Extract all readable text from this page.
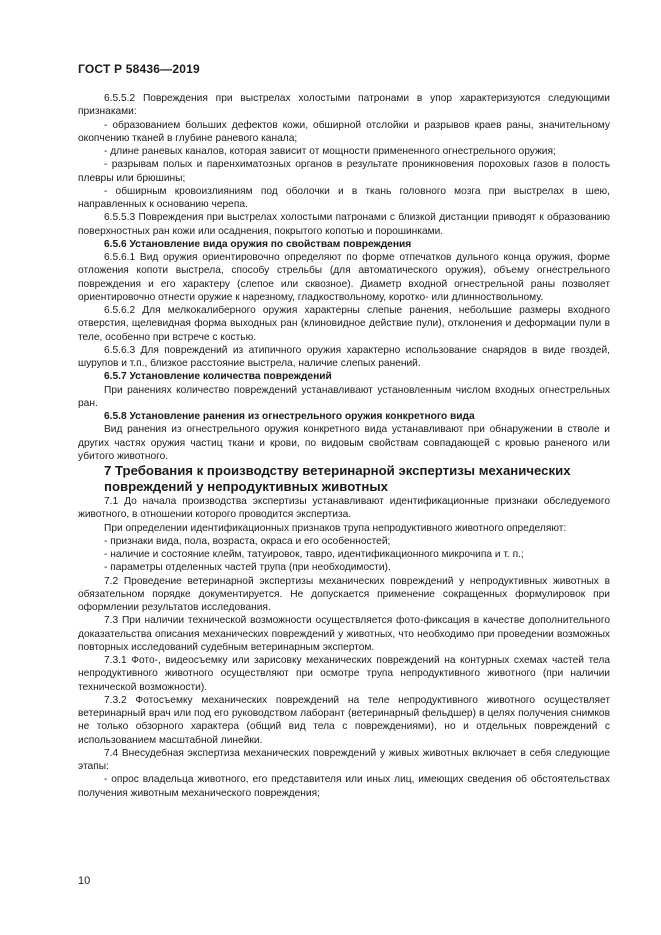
ГОСТ Р 58436—2019

6.5.5.2 Повреждения при выстрелах холостыми патронами в упор характеризуются следующими признаками:

- образованием больших дефектов кожи, обширной отслойки и разрывов краев раны, значительному окопчению тканей в глубине раневого канала;

- длине раневых каналов, которая зависит от мощности примененного огнестрельного оружия;

- разрывам полых и паренхиматозных органов в результате проникновения пороховых газов в полость плевры или брюшины;

- обширным кровоизлияниям под оболочки и в ткань головного мозга при выстрелах в шею, направленных к основанию черепа.

6.5.5.3 Повреждения при выстрелах холостыми патронами с близкой дистанции приводят к образованию поверхностных ран кожи или осаднения, покрытого копотью и порошинками.

6.5.6 Установление вида оружия по свойствам повреждения

6.5.6.1 Вид оружия ориентировочно определяют по форме отпечатков дульного конца оружия, форме отложения копоти выстрела, способу стрельбы (для автоматического оружия), объему огнестрельного повреждения и его характеру (слепое или сквозное). Диаметр входной огнестрельной раны позволяет ориентировочно отнести оружие к нарезному, гладкоствольному, коротко- или длинноствольному.

6.5.6.2 Для мелкокалиберного оружия характерны слепые ранения, небольшие размеры входного отверстия, щелевидная форма выходных ран (клиновидное действие пули), отклонения и деформации пули в теле, особенно при встрече с костью.

6.5.6.3 Для повреждений из атипичного оружия характерно использование снарядов в виде гвоздей, шурупов и т.п., близкое расстояние выстрела, наличие слепых ранений.

6.5.7 Установление количества повреждений

При ранениях количество повреждений устанавливают установленным числом входных огнестрельных ран.

6.5.8 Установление ранения из огнестрельного оружия конкретного вида

Вид ранения из огнестрельного оружия конкретного вида устанавливают при обнаружении в стволе и других частях оружия частиц ткани и крови, по видовым свойствам совпадающей с кровью раненого или убитого животного.

7 Требования к производству ветеринарной экспертизы механических повреждений у непродуктивных животных

7.1 До начала производства экспертизы устанавливают идентификационные признаки обследуемого животного, в отношении которого проводится экспертиза.

При определении идентификационных признаков трупа непродуктивного животного определяют:

- признаки вида, пола, возраста, окраса и его особенностей;

- наличие и состояние клейм, татуировок, тавро, идентификационного микрочипа и т. п.;

- параметры отделенных частей трупа (при необходимости).

7.2 Проведение ветеринарной экспертизы механических повреждений у непродуктивных животных в обязательном порядке документируется. Не допускается применение сокращенных формулировок при оформлении результатов исследования.

7.3 При наличии технической возможности осуществляется фото-фиксация в качестве дополнительного доказательства описания механических повреждений у животных, что необходимо при проведении возможных повторных исследований судебным ветеринарным экспертом.

7.3.1 Фото-, видеосъемку или зарисовку механических повреждений на контурных схемах частей тела непродуктивного животного осуществляют при осмотре трупа непродуктивного животного (при наличии технической возможности).

7.3.2 Фотосъемку механических повреждений на теле непродуктивного животного осуществляет ветеринарный врач или под его руководством лаборант (ветеринарный фельдшер) в целях получения снимков не только обзорного характера (общий вид тела с повреждениями), но и отдельных повреждений с использованием масштабной линейки.

7.4 Внесудебная экспертиза механических повреждений у живых животных включает в себя следующие этапы:

- опрос владельца животного, его представителя или иных лиц, имеющих сведения об обстоятельствах получения животным механического повреждения;

10
